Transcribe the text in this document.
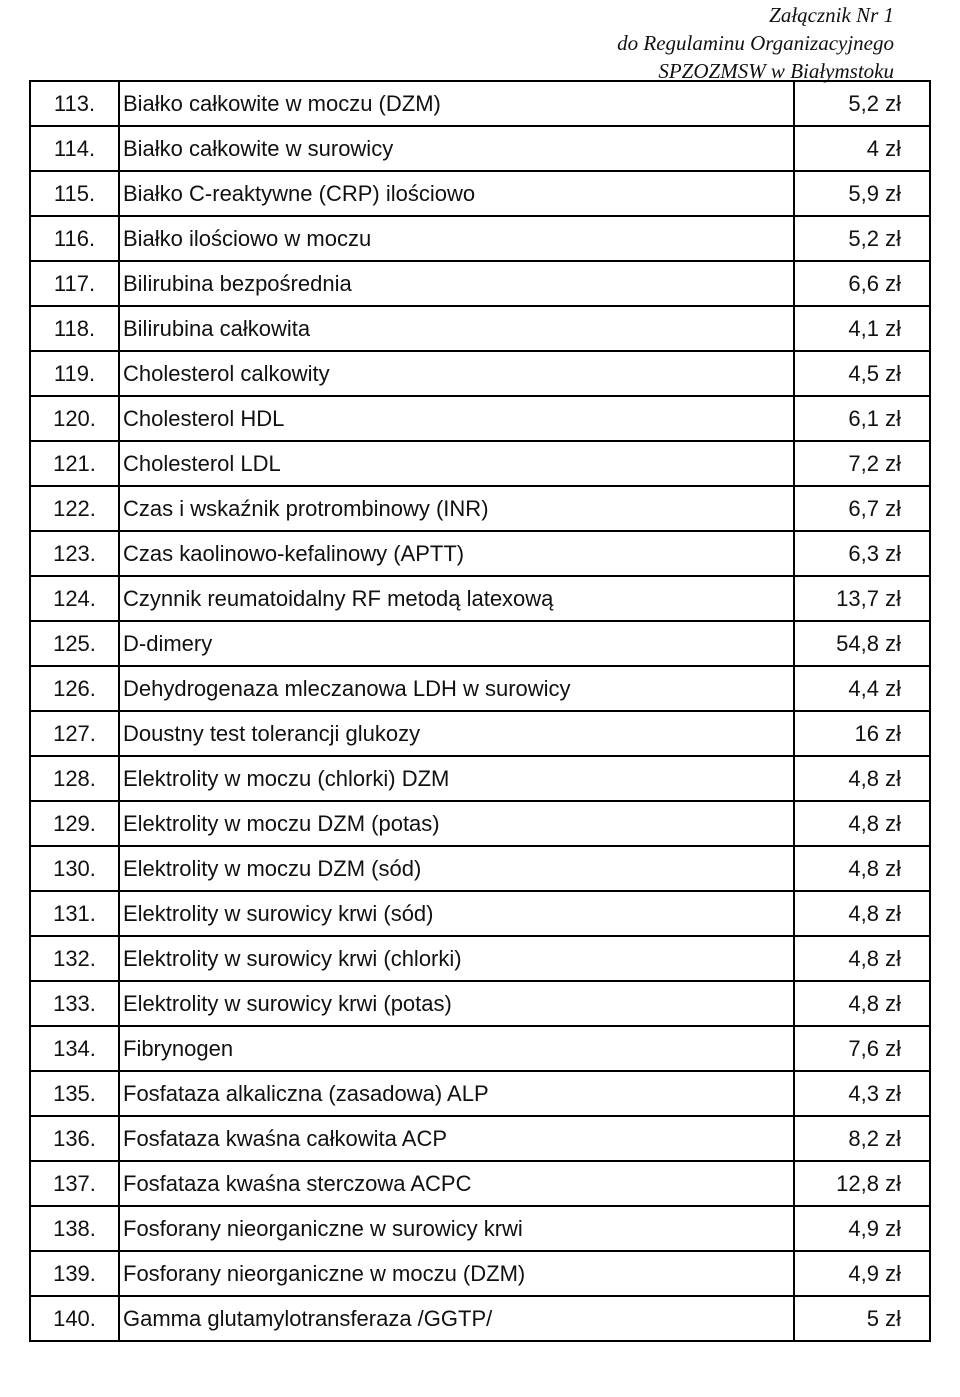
Załącznik Nr 1
do Regulaminu Organizacyjnego
SPZOZMSW w Białymstoku
113.	Białko całkowite w moczu (DZM)	5,2 zł
114.	Białko całkowite w surowicy	4 zł
115.	Białko C-reaktywne (CRP) ilościowo	5,9 zł
116.	Białko ilościowo w moczu	5,2 zł
117.	Bilirubina bezpośrednia	6,6 zł
118.	Bilirubina całkowita	4,1 zł
119.	Cholesterol calkowity	4,5 zł
120.	Cholesterol HDL	6,1 zł
121.	Cholesterol LDL	7,2 zł
122.	Czas i wskaźnik protrombinowy (INR)	6,7 zł
123.	Czas kaolinowo-kefalinowy (APTT)	6,3 zł
124.	Czynnik reumatoidalny RF metodą latexową	13,7 zł
125.	D-dimery	54,8 zł
126.	Dehydrogenaza mleczanowa LDH w surowicy	4,4 zł
127.	Doustny test tolerancji glukozy	16 zł
128.	Elektrolity w moczu (chlorki) DZM	4,8 zł
129.	Elektrolity w moczu DZM (potas)	4,8 zł
130.	Elektrolity w moczu DZM (sód)	4,8 zł
131.	Elektrolity w surowicy krwi (sód)	4,8 zł
132.	Elektrolity w surowicy krwi (chlorki)	4,8 zł
133.	Elektrolity w surowicy krwi (potas)	4,8 zł
134.	Fibrynogen	7,6 zł
135.	Fosfataza alkaliczna (zasadowa) ALP	4,3 zł
136.	Fosfataza kwaśna całkowita ACP	8,2 zł
137.	Fosfataza kwaśna sterczowa ACPC	12,8 zł
138.	Fosforany nieorganiczne w surowicy krwi	4,9 zł
139.	Fosforany nieorganiczne w moczu (DZM)	4,9 zł
140.	Gamma glutamylotransferaza /GGTP/	5 zł
